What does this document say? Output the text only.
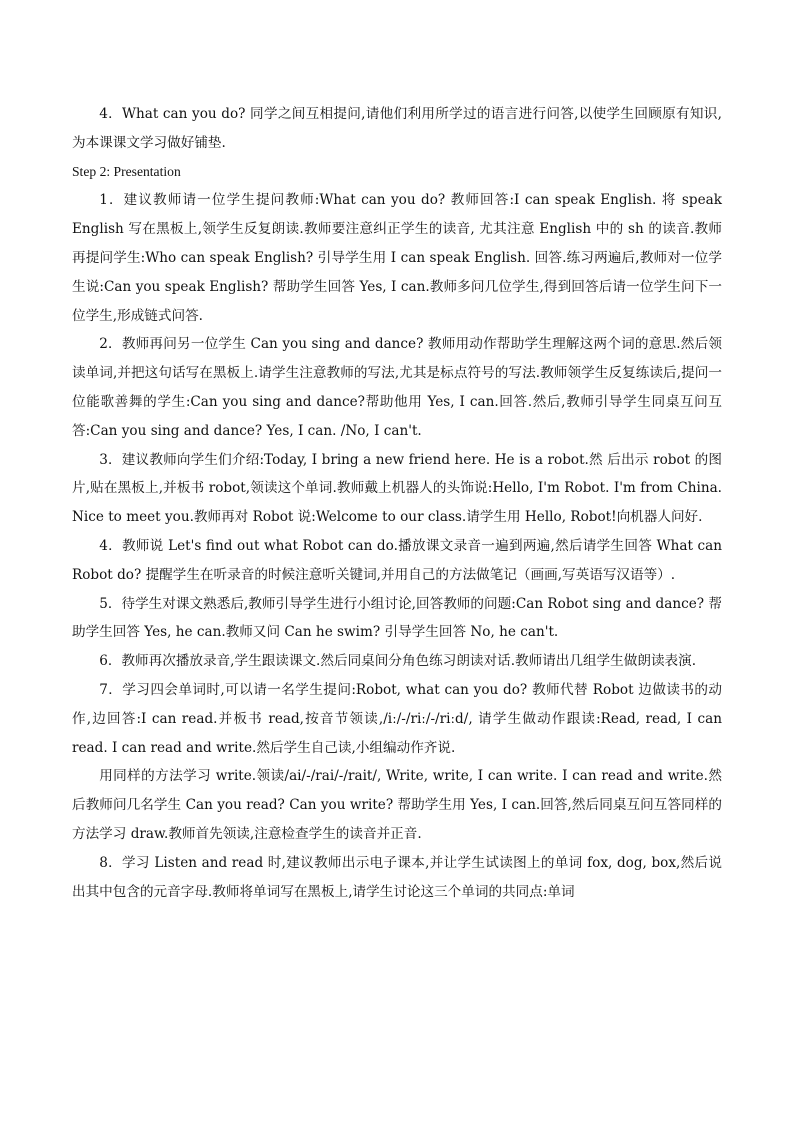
4．What can you do? 同学之间互相提问,请他们利用所学过的语言进行问答,以使学生回顾原有知识,为本课课文学习做好铺垫.

Step 2: Presentation

1．建议教师请一位学生提问教师:What can you do? 教师回答:I can speak English. 将 speak English 写在黑板上,领学生反复朗读.教师要注意纠正学生的读音, 尤其注意 English 中的 sh 的读音.教师再提问学生:Who can speak English? 引导学生用 I can speak English. 回答.练习两遍后,教师对一位学生说:Can you speak English? 帮助学生回答 Yes, I can.教师多问几位学生,得到回答后请一位学生问下一位学生,形成链式问答.

2．教师再问另一位学生 Can you sing and dance? 教师用动作帮助学生理解这两个词的意思.然后领读单词,并把这句话写在黑板上.请学生注意教师的写法,尤其是标点符号的写法.教师领学生反复练读后,提问一位能歌善舞的学生:Can you sing and dance?帮助他用 Yes, I can.回答.然后,教师引导学生同桌互问互答:Can you sing and dance? Yes, I can. /No, I can't.

3．建议教师向学生们介绍:Today, I bring a new friend here. He is a robot.然 后出示 robot 的图片,贴在黑板上,并板书 robot,领读这个单词.教师戴上机器人的头饰说:Hello, I'm Robot. I'm from China. Nice to meet you.教师再对 Robot 说:Welcome to our class.请学生用 Hello, Robot!向机器人问好.

4．教师说 Let's find out what Robot can do.播放课文录音一遍到两遍,然后请学生回答 What can Robot do? 提醒学生在听录音的时候注意听关键词,并用自己的方法做笔记（画画,写英语写汉语等）.

5．待学生对课文熟悉后,教师引导学生进行小组讨论,回答教师的问题:Can Robot sing and dance? 帮助学生回答 Yes, he can.教师又问 Can he swim? 引导学生回答 No, he can't.

6．教师再次播放录音,学生跟读课文.然后同桌间分角色练习朗读对话.教师请出几组学生做朗读表演.

7．学习四会单词时,可以请一名学生提问:Robot, what can you do? 教师代替 Robot 边做读书的动作,边回答:I can read.并板书 read,按音节领读,/iː/-/riː/-/riːd/, 请学生做动作跟读:Read, read, I can read. I can read and write.然后学生自己读,小组编动作齐说.

用同样的方法学习 write.领读/ai/-/rai/-/rait/, Write, write, I can write. I can read and write.然后教师问几名学生 Can you read? Can you write? 帮助学生用 Yes, I can.回答,然后同桌互问互答同样的方法学习 draw.教师首先领读,注意检查学生的读音并正音.

8．学习 Listen and read 时,建议教师出示电子课本,并让学生试读图上的单词 fox, dog, box,然后说出其中包含的元音字母.教师将单词写在黑板上,请学生讨论这三个单词的共同点:单词
